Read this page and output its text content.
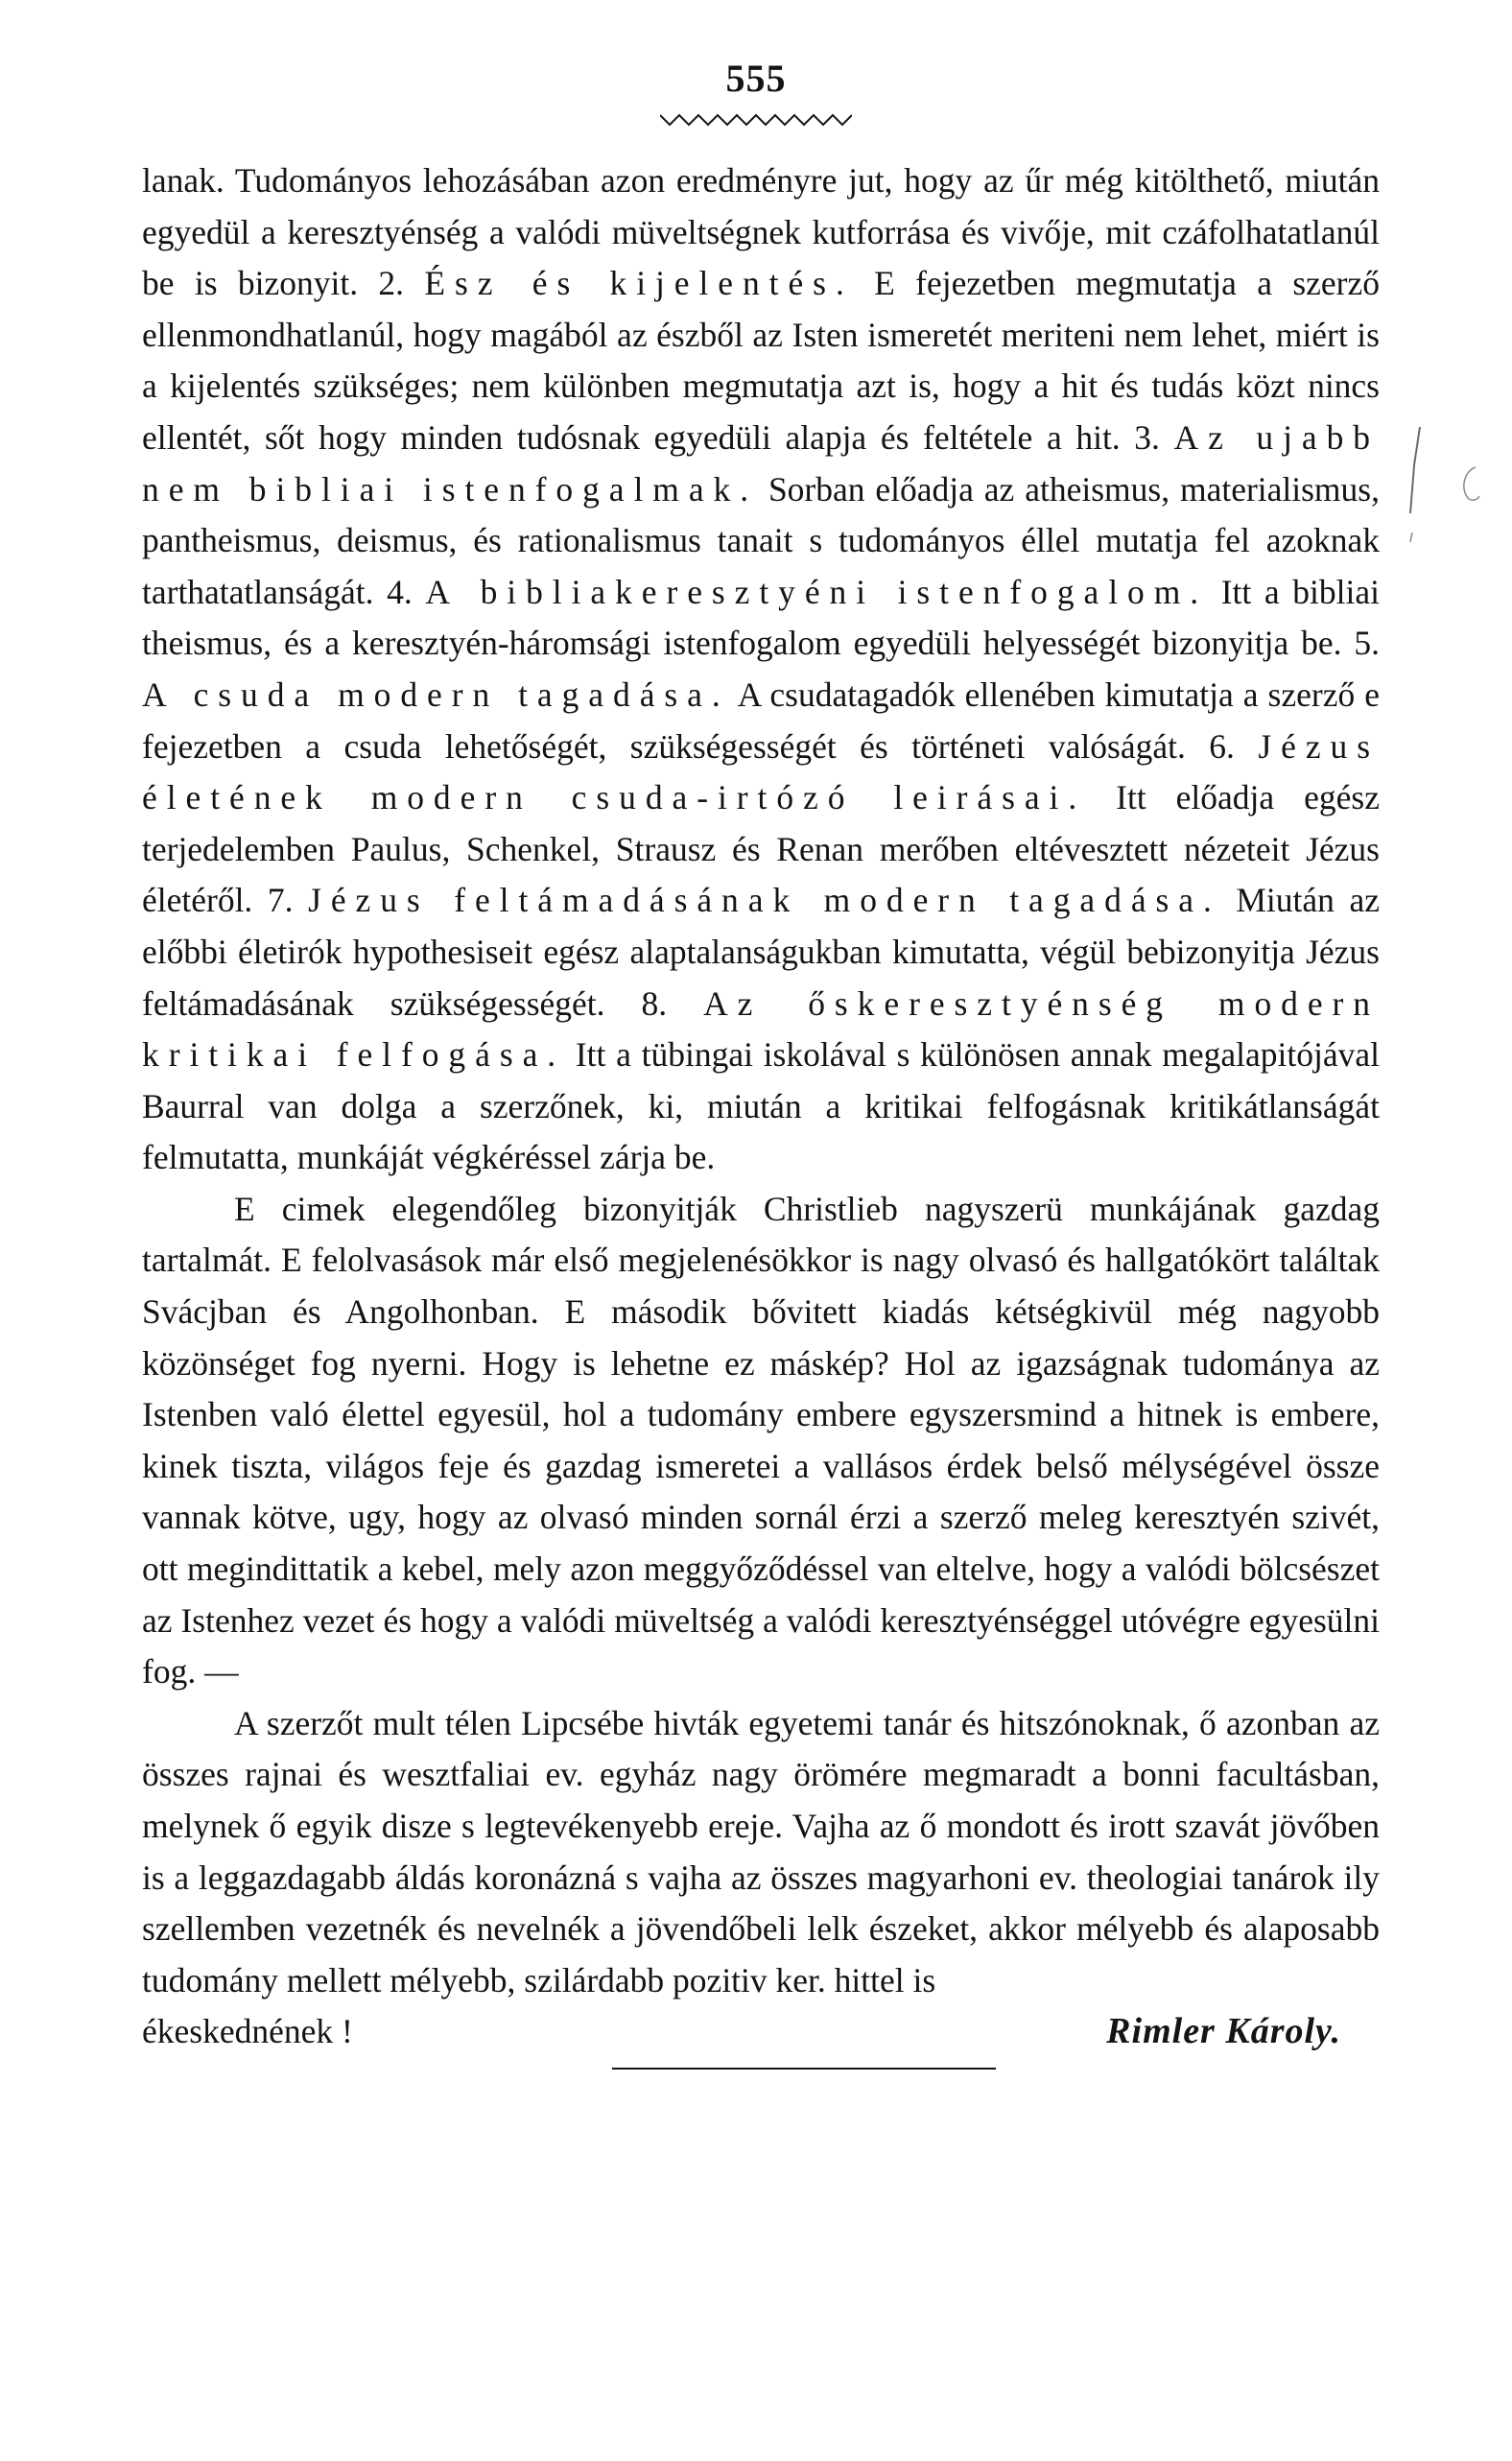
555

lanak. Tudományos lehozásában azon eredményre jut, hogy az űr még kitölthető, miután egyedül a keresztyénség a valódi müveltségnek kutforrása és vivője, mit czáfolhatatlanúl be is bizonyit. 2. Ész és kijelentés. E fejezetben megmutatja a szerző ellenmondhatlanúl, hogy magából az észből az Isten ismeretét meriteni nem lehet, miért is a kijelentés szükséges; nem különben megmutatja azt is, hogy a hit és tudás közt nincs ellentét, sőt hogy minden tudósnak egyedüli alapja és feltétele a hit. 3. Az ujabb nem bibliai istenfogalmak. Sorban előadja az atheismus, materialismus, pantheismus, deismus, és rationalismus tanait s tudományos éllel mutatja fel azoknak tarthatatlanságát. 4. A bibliakeresztyéni istenfogalom. Itt a bibliai theismus, és a keresztyén-háromsági istenfogalom egyedüli helyességét bizonyitja be. 5. A csuda modern tagadása. A csudatagadók ellenében kimutatja a szerző e fejezetben a csuda lehetőségét, szükségességét és történeti valóságát. 6. Jézus életének modern csuda-irtózó leirásai. Itt előadja egész terjedelemben Paulus, Schenkel, Strausz és Renan merőben eltévesztett nézeteit Jézus életéről. 7. Jézus feltámadásának modern tagadása. Miután az előbbi életirók hypothesiseit egész alaptalanságukban kimutatta, végül bebizonyitja Jézus feltámadásának szükségességét. 8. Az őskeresztyénség modern kritikai felfogása. Itt a tübingai iskolával s különösen annak megalapitójával Baurral van dolga a szerzőnek, ki, miután a kritikai felfogásnak kritikátlanságát felmutatta, munkáját végkéréssel zárja be.

E cimek elegendőleg bizonyitják Christlieb nagyszerü munkájának gazdag tartalmát. E felolvasások már első megjelenésökkor is nagy olvasó és hallgatókört találtak Svácjban és Angolhonban. E második bővitett kiadás kétségkivül még nagyobb közönséget fog nyerni. Hogy is lehetne ez máskép? Hol az igazságnak tudománya az Istenben való élettel egyesül, hol a tudomány embere egyszersmind a hitnek is embere, kinek tiszta, világos feje és gazdag ismeretei a vallásos érdek belső mélységével össze vannak kötve, ugy, hogy az olvasó minden sornál érzi a szerző meleg keresztyén szivét, ott megindittatik a kebel, mely azon meggyőződéssel van eltelve, hogy a valódi bölcsészet az Istenhez vezet és hogy a valódi müveltség a valódi keresztyénséggel utóvégre egyesülni fog. —

A szerzőt mult télen Lipcsébe hivták egyetemi tanár és hitszónoknak, ő azonban az összes rajnai és wesztfaliai ev. egyház nagy örömére megmaradt a bonni facultásban, melynek ő egyik disze s legtevékenyebb ereje. Vajha az ő mondott és irott szavát jövőben is a leggazdagabb áldás koronázná s vajha az összes magyarhoni ev. theologiai tanárok ily szellemben vezetnék és nevelnék a jövendőbeli lelk észeket, akkor mélyebb és alaposabb tudomány mellett mélyebb, szilárdabb pozitiv ker. hittel is

ékeskednének !	Rimler Károly.
